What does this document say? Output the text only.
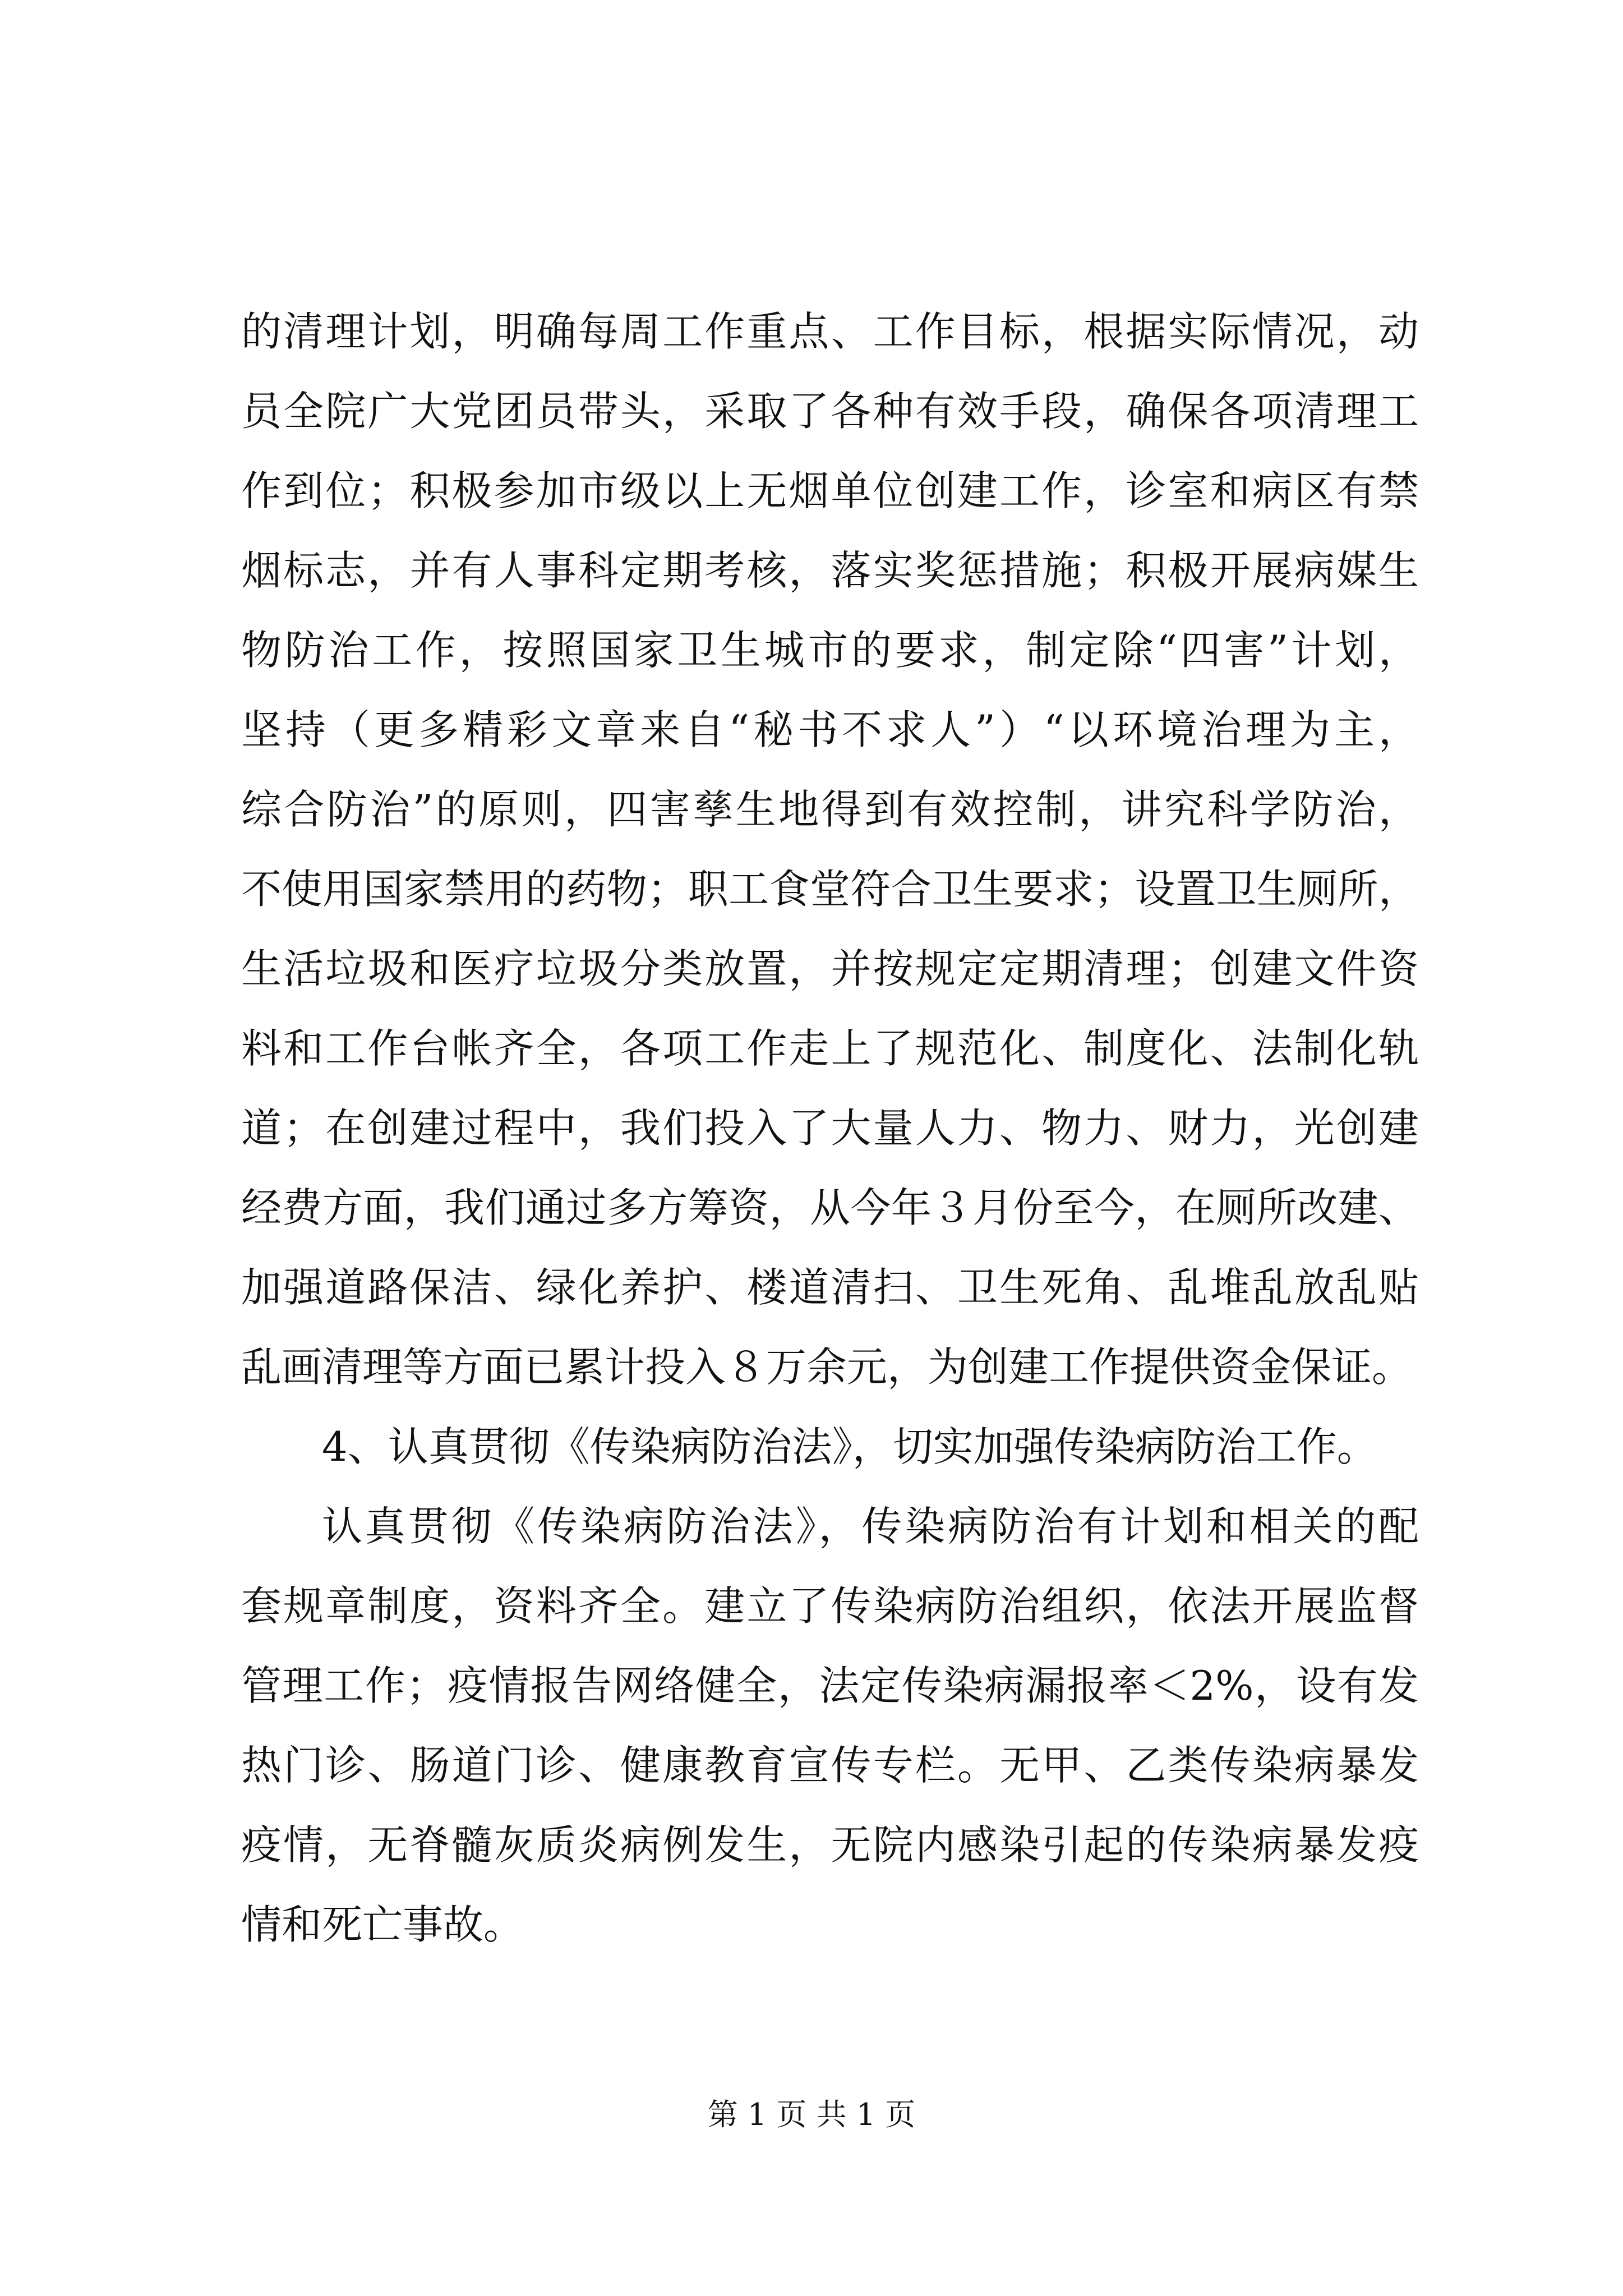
的清理计划，明确每周工作重点、工作目标，根据实际情况，动
员全院广大党团员带头，采取了各种有效手段，确保各项清理工
作到位；积极参加市级以上无烟单位创建工作，诊室和病区有禁
烟标志，并有人事科定期考核，落实奖惩措施；积极开展病媒生
物防治工作，按照国家卫生城市的要求，制定除“四害”计划，
坚持（更多精彩文章来自“秘书不求人”）“以环境治理为主，
综合防治”的原则，四害孳生地得到有效控制，讲究科学防治，
不使用国家禁用的药物；职工食堂符合卫生要求；设置卫生厕所，
生活垃圾和医疗垃圾分类放置，并按规定定期清理；创建文件资
料和工作台帐齐全，各项工作走上了规范化、制度化、法制化轨
道；在创建过程中，我们投入了大量人力、物力、财力，光创建
经费方面，我们通过多方筹资，从今年３月份至今，在厕所改建、
加强道路保洁、绿化养护、楼道清扫、卫生死角、乱堆乱放乱贴
乱画清理等方面已累计投入８万余元，为创建工作提供资金保证。
4、认真贯彻《传染病防治法》，切实加强传染病防治工作。
认真贯彻《传染病防治法》，传染病防治有计划和相关的配
套规章制度，资料齐全。建立了传染病防治组织，依法开展监督
管理工作；疫情报告网络健全，法定传染病漏报率＜2%，设有发
热门诊、肠道门诊、健康教育宣传专栏。无甲、乙类传染病暴发
疫情，无脊髓灰质炎病例发生，无院内感染引起的传染病暴发疫
情和死亡事故。
第 1 页 共 1 页
